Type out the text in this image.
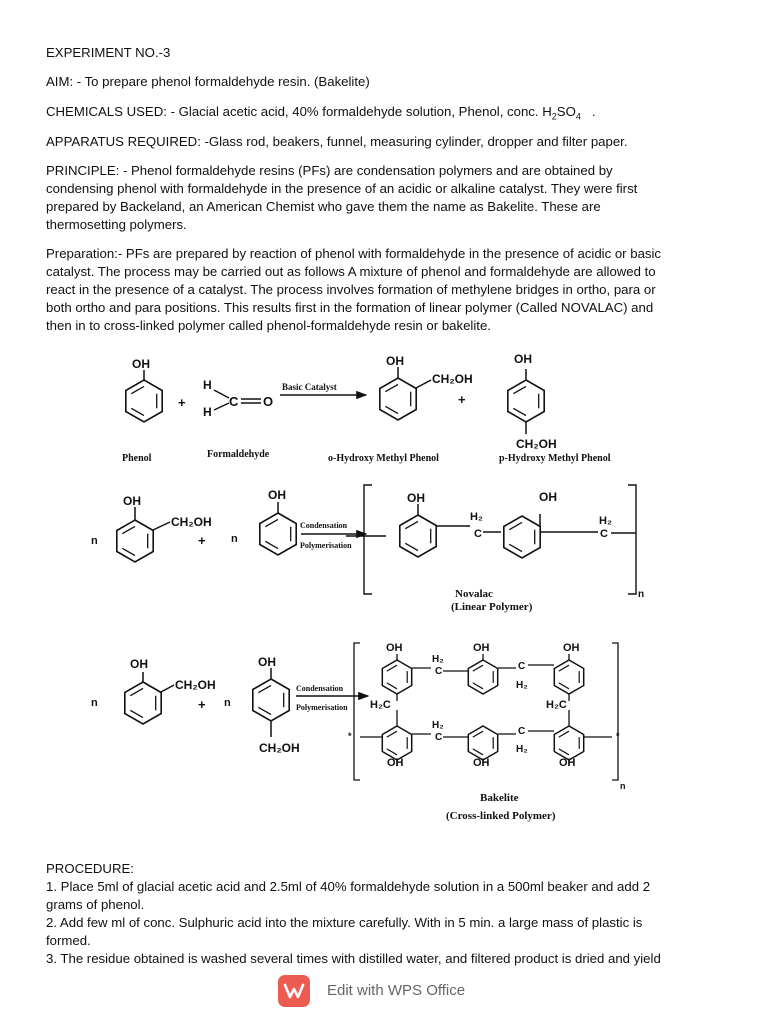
EXPERIMENT NO.-3

AIM: - To prepare phenol formaldehyde resin. (Bakelite)

CHEMICALS USED: - Glacial acetic acid, 40% formaldehyde solution, Phenol, conc. $H_2SO_4$   .

APPARATUS REQUIRED: -Glass rod, beakers, funnel, measuring cylinder, dropper and filter paper.

PRINCIPLE: - Phenol formaldehyde resins (PFs) are condensation polymers and are obtained by
condensing phenol with formaldehyde in the presence of an acidic or alkaline catalyst. They were first
prepared by Backeland, an American Chemist who gave them the name as Bakelite. These are
thermosetting polymers.

Preparation:- PFs are prepared by reaction of phenol with formaldehyde in the presence of acidic or basic
catalyst. The process may be carried out as follows A mixture of phenol and formaldehyde are allowed to
react in the presence of a catalyst. The process involves formation of methylene bridges in ortho, para or
both ortho and para positions. This results first in the formation of linear polymer (Called NOVALAC) and
then in to cross-linked polymer called phenol-formaldehyde resin or bakelite.

OH
+
H
H
C O
Basic Catalyst
OH
CH₂OH
+
OH
CH₂OH
Phenol	Formaldehyde	o-Hydroxy Methyl Phenol	p-Hydroxy Methyl Phenol
n
OH
CH₂OH
+ n
OH
Condensation
Polymerisation
OH
H₂
C
OH
H₂
C
n
Novalac
(Linear Polymer)
n
OH
CH₂OH
+ n
OH
CH₂OH
Condensation
Polymerisation
n
OH	OH	OH
OH	OH	OH
H₂
C	C
H₂
H₂C	H₂C
H₂
C
C
H₂
*	*
Bakelite
(Cross-linked Polymer)

PROCEDURE:
1. Place 5ml of glacial acetic acid and 2.5ml of 40% formaldehyde solution in a 500ml beaker and add 2
grams of phenol.
2. Add few ml of conc. Sulphuric acid into the mixture carefully. With in 5 min. a large mass of plastic is
formed.
3. The residue obtained is washed several times with distilled water, and filtered product is dried and yield

Edit with WPS Office
